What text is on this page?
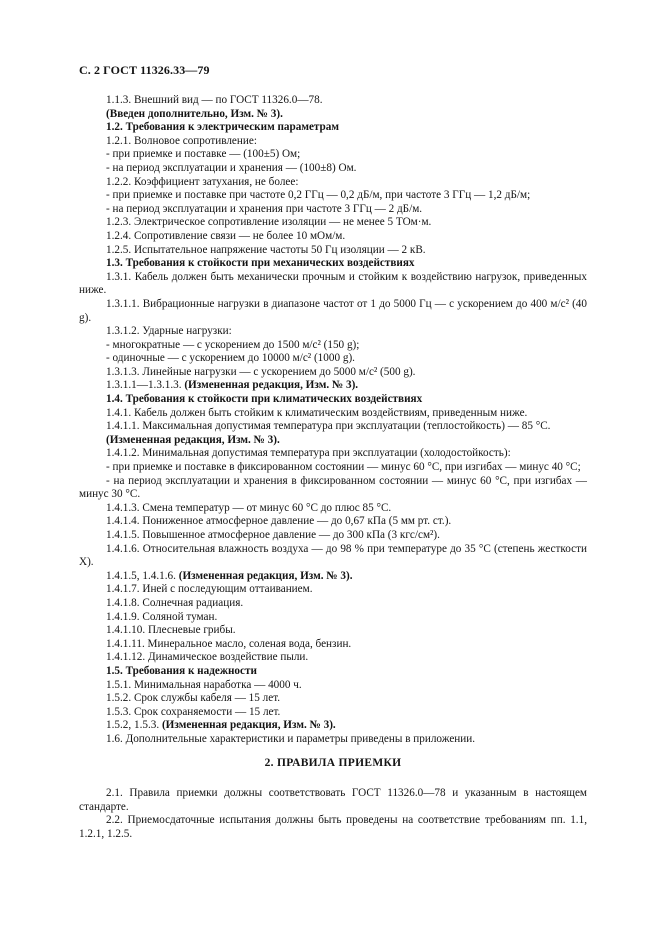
С. 2 ГОСТ 11326.33—79

1.1.3. Внешний вид — по ГОСТ 11326.0—78.

(Введен дополнительно, Изм. № 3).

1.2. Требования к электрическим параметрам

1.2.1. Волновое сопротивление:

- при приемке и поставке — (100±5) Ом;

- на период эксплуатации и хранения — (100±8) Ом.

1.2.2. Коэффициент затухания, не более:

- при приемке и поставке при частоте 0,2 ГГц — 0,2 дБ/м, при частоте 3 ГГц — 1,2 дБ/м;

- на период эксплуатации и хранения при частоте 3 ГГц — 2 дБ/м.

1.2.3. Электрическое сопротивление изоляции — не менее 5 ТОм·м.

1.2.4. Сопротивление связи — не более 10 мОм/м.

1.2.5. Испытательное напряжение частоты 50 Гц изоляции — 2 кВ.

1.3. Требования к стойкости при механических воздействиях

1.3.1. Кабель должен быть механически прочным и стойким к воздействию нагрузок, приведенных ниже.

1.3.1.1. Вибрационные нагрузки в диапазоне частот от 1 до 5000 Гц — с ускорением до 400 м/с² (40 g).

1.3.1.2. Ударные нагрузки:

- многократные — с ускорением до 1500 м/с² (150 g);

- одиночные — с ускорением до 10000 м/с² (1000 g).

1.3.1.3. Линейные нагрузки — с ускорением до 5000 м/с² (500 g).

1.3.1.1—1.3.1.3. (Измененная редакция, Изм. № 3).

1.4. Требования к стойкости при климатических воздействиях

1.4.1. Кабель должен быть стойким к климатическим воздействиям, приведенным ниже.

1.4.1.1. Максимальная допустимая температура при эксплуатации (теплостойкость) — 85 °С.

(Измененная редакция, Изм. № 3).

1.4.1.2. Минимальная допустимая температура при эксплуатации (холодостойкость):

- при приемке и поставке в фиксированном состоянии — минус 60 °С, при изгибах — минус 40 °С;

- на период эксплуатации и хранения в фиксированном состоянии — минус 60 °С, при изгибах — минус 30 °С.

1.4.1.3. Смена температур — от минус 60 °С до плюс 85 °С.

1.4.1.4. Пониженное атмосферное давление — до 0,67 кПа (5 мм рт. ст.).

1.4.1.5. Повышенное атмосферное давление — до 300 кПа (3 кгс/см²).

1.4.1.6. Относительная влажность воздуха — до 98 % при температуре до 35 °С (степень жесткости X).

1.4.1.5, 1.4.1.6. (Измененная редакция, Изм. № 3).

1.4.1.7. Иней с последующим оттаиванием.

1.4.1.8. Солнечная радиация.

1.4.1.9. Соляной туман.

1.4.1.10. Плесневые грибы.

1.4.1.11. Минеральное масло, соленая вода, бензин.

1.4.1.12. Динамическое воздействие пыли.

1.5. Требования к надежности

1.5.1. Минимальная наработка — 4000 ч.

1.5.2. Срок службы кабеля — 15 лет.

1.5.3. Срок сохраняемости — 15 лет.

1.5.2, 1.5.3. (Измененная редакция, Изм. № 3).

1.6. Дополнительные характеристики и параметры приведены в приложении.

2. ПРАВИЛА ПРИЕМКИ

2.1. Правила приемки должны соответствовать ГОСТ 11326.0—78 и указанным в настоящем стандарте.

2.2. Приемосдаточные испытания должны быть проведены на соответствие требованиям пп. 1.1, 1.2.1, 1.2.5.
